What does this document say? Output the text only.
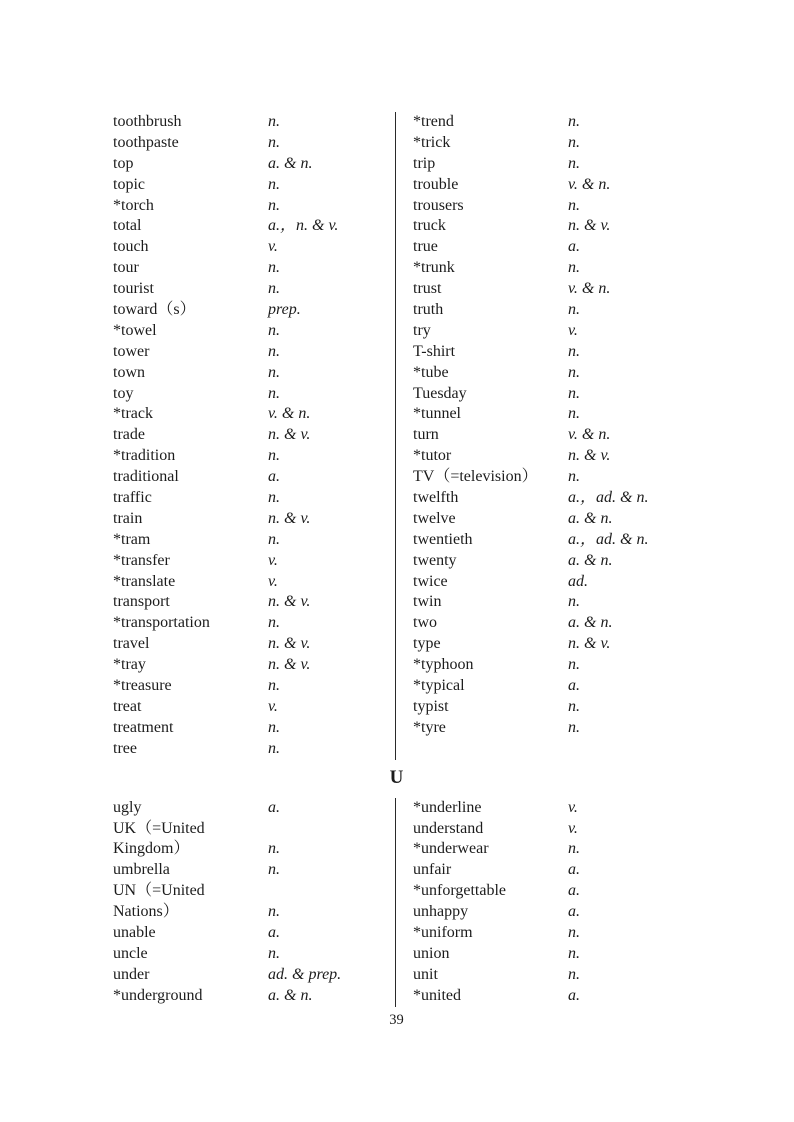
toothbrush	n.
toothpaste	n.
top	a. & n.
topic	n.
*torch	n.
total	a.，n. & v.
touch	v.
tour	n.
tourist	n.
toward（s）	prep.
*towel	n.
tower	n.
town	n.
toy	n.
*track	v. & n.
trade	n. & v.
*tradition	n.
traditional	a.
traffic	n.
train	n. & v.
*tram	n.
*transfer	v.
*translate	v.
transport	n. & v.
*transportation	n.
travel	n. & v.
*tray	n. & v.
*treasure	n.
treat	v.
treatment	n.
tree	n.
*trend	n.
*trick	n.
trip	n.
trouble	v. & n.
trousers	n.
truck	n. & v.
true	a.
*trunk	n.
trust	v. & n.
truth	n.
try	v.
T-shirt	n.
*tube	n.
Tuesday	n.
*tunnel	n.
turn	v. & n.
*tutor	n. & v.
TV（=television）	n.
twelfth	a.，ad. & n.
twelve	a. & n.
twentieth	a.，ad. & n.
twenty	a. & n.
twice	ad.
twin	n.
two	a. & n.
type	n. & v.
*typhoon	n.
*typical	a.
typist	n.
*tyre	n.
U
ugly	a.
UK（=United
Kingdom）	n.
umbrella	n.
UN（=United
Nations）	n.
unable	a.
uncle	n.
under	ad. & prep.
*underground	a. & n.
*underline	v.
understand	v.
*underwear	n.
unfair	a.
*unforgettable	a.
unhappy	a.
*uniform	n.
union	n.
unit	n.
*united	a.
39
